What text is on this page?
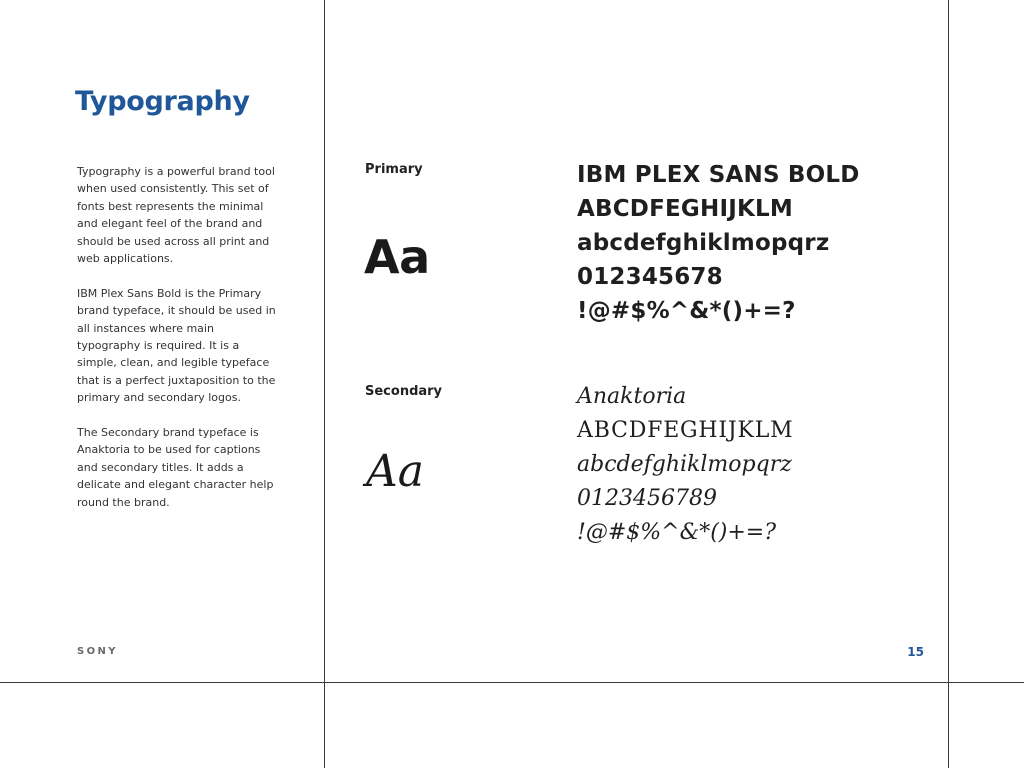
Typography

Typography is a powerful brand tool when used consistently. This set of fonts best represents the minimal and elegant feel of the brand and should be used across all print and web applications.

IBM Plex Sans Bold is the Primary brand typeface, it should be used in all instances where main typography is required. It is a simple, clean, and legible typeface that is a perfect juxtaposition to the primary and secondary logos.

The Secondary brand typeface is Anaktoria to be used for captions and secondary titles. It adds a delicate and elegant character help round the brand.

SONY	15
Primary
Aa
Secondary
Aa
IBM PLEX SANS BOLD
ABCDFEGHIJKLM
abcdefghiklmopqrz
012345678
!@#$%^&*()+=?
Anaktoria
ABCDFEGHIJKLM
abcdefghiklmopqrz
0123456789
!@#$%^&*()+=?
